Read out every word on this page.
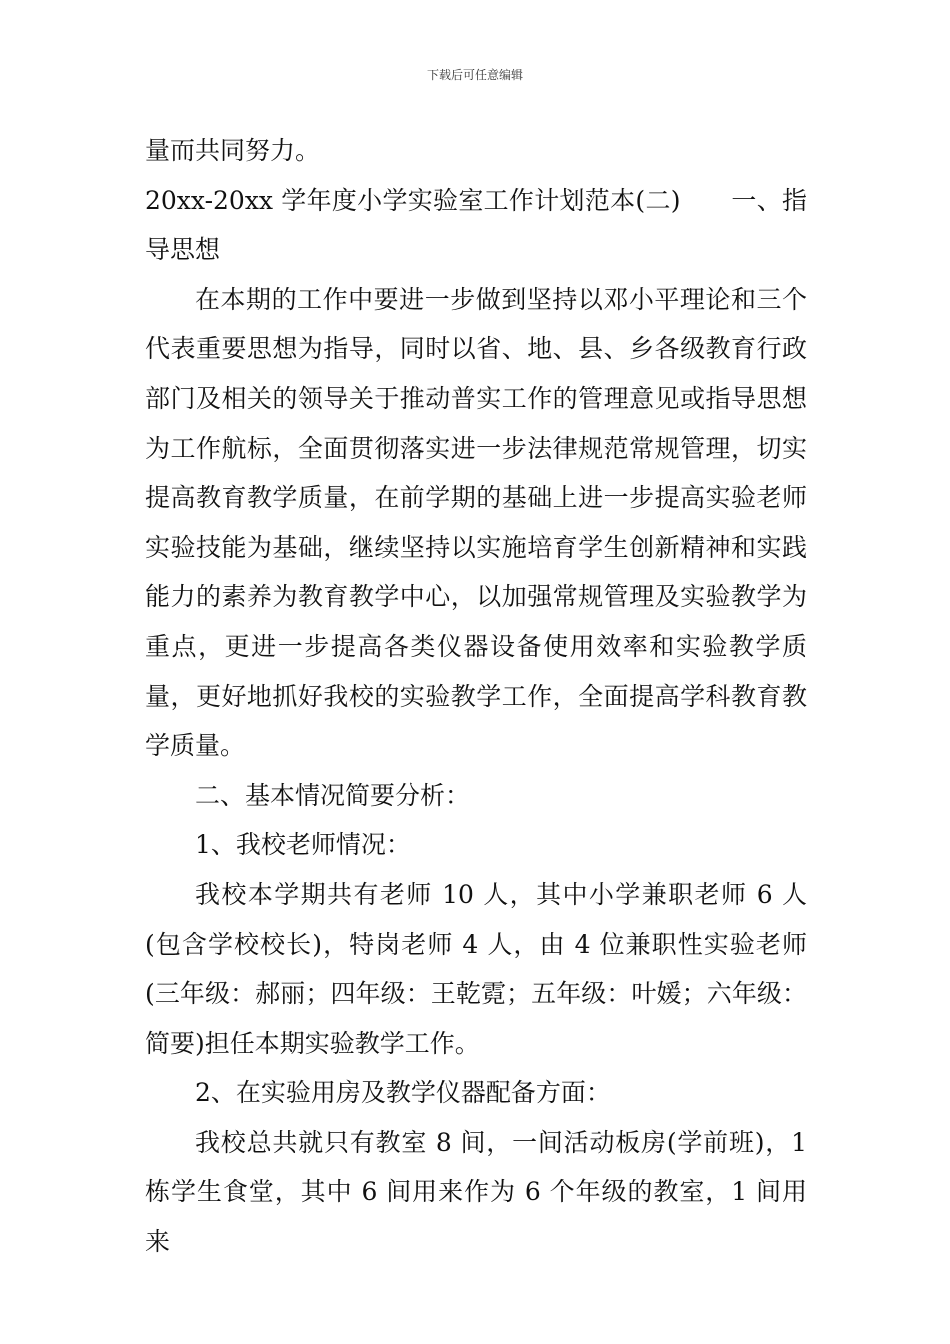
下载后可任意编辑

量而共同努力。

20xx-20xx 学年度小学实验室工作计划范本(二)　　一、指导思想

在本期的工作中要进一步做到坚持以邓小平理论和三个代表重要思想为指导，同时以省、地、县、乡各级教育行政部门及相关的领导关于推动普实工作的管理意见或指导思想为工作航标，全面贯彻落实进一步法律规范常规管理，切实提高教育教学质量，在前学期的基础上进一步提高实验老师实验技能为基础，继续坚持以实施培育学生创新精神和实践能力的素养为教育教学中心，以加强常规管理及实验教学为重点，更进一步提高各类仪器设备使用效率和实验教学质量，更好地抓好我校的实验教学工作，全面提高学科教育教学质量。

二、基本情况简要分析：

1、我校老师情况：

我校本学期共有老师 10 人，其中小学兼职老师 6 人(包含学校校长)，特岗老师 4 人，由 4 位兼职性实验老师(三年级：郝丽；四年级：王乾霓；五年级：叶媛；六年级：简要)担任本期实验教学工作。

2、在实验用房及教学仪器配备方面：

我校总共就只有教室 8 间，一间活动板房(学前班)，1 栋学生食堂，其中 6 间用来作为 6 个年级的教室，1 间用来
